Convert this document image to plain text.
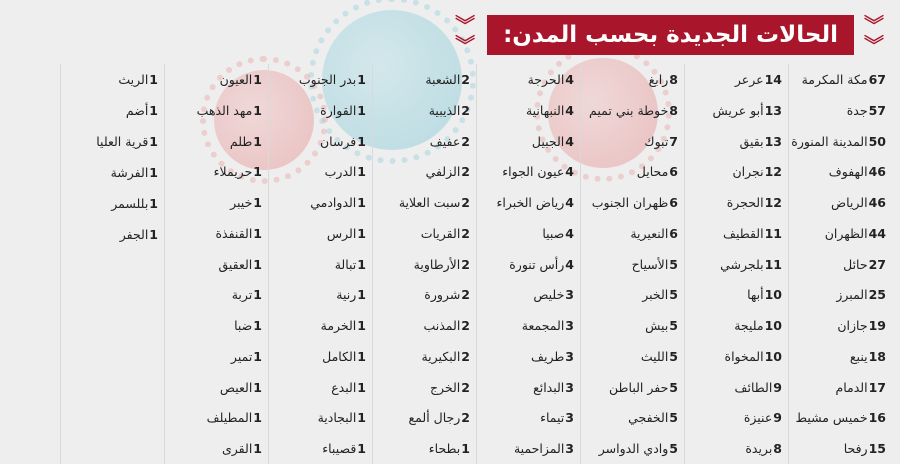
︾
︾
الحالات الجديدة بحسب المدن:
︾
︾
67مكة المكرمة
57جدة
50المدينة المنورة
46الهفوف
46الرياض
44الظهران
27حائل
25المبرز
19جازان
18ينبع
17الدمام
16خميس مشيط
15رفحا
14عرعر
13أبو عريش
13بقيق
12نجران
12الحجرة
11القطيف
11بلجرشي
10أبها
10مليجة
10المخواة
9الطائف
9عنيزة
8بريدة
8رابغ
8خوطة بني تميم
7تبوك
6محايل
6ظهران الجنوب
6النعيرية
5الأسياح
5الخبر
5بيش
5الليث
5حفر الباطن
5الخفجي
5وادي الدواسر
4الحرجة
4النبهانية
4الجبيل
4عيون الجواء
4رياض الخبراء
4صبيا
4رأس تنورة
3خليص
3المجمعة
3طريف
3البدائع
3تيماء
3المزاحمية
2الشعبة
2الذيبية
2عفيف
2الزلفي
2سبت العلاية
2القريات
2الأرطاوية
2شرورة
2المذنب
2البكيرية
2الخرج
2رجال ألمع
1بطحاء
1بدر الجنوب
1القوارة
1فرسان
1الدرب
1الدوادمي
1الرس
1تبالة
1رنية
1الخرمة
1الكامل
1البدع
1البجادية
1قصيباء
1العيون
1مهد الذهب
1طلم
1حريملاء
1خيبر
1القنفذة
1العقيق
1تربة
1ضبا
1تمير
1العيص
1المطيلف
1القرى
1الريث
1أضم
1قرية العليا
1الفرشة
1بللسمر
1الجفر
